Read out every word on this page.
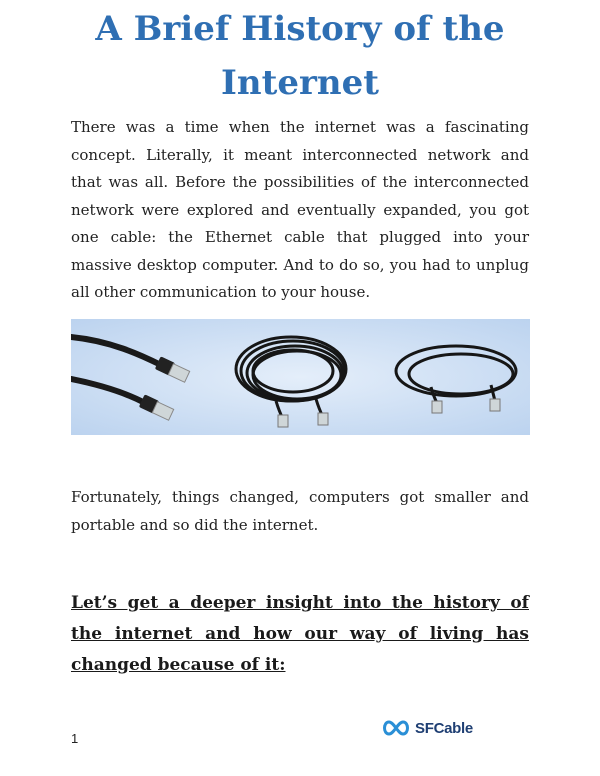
A Brief History of the Internet

There was a time when the internet was a fascinating concept. Literally, it meant interconnected network and that was all. Before the possibilities of the interconnected network were explored and eventually expanded, you got one cable: the Ethernet cable that plugged into your massive desktop computer. And to do so, you had to unplug all other communication to your house.

Fortunately, things changed, computers got smaller and portable and so did the internet.

Let’s get a deeper insight into the history of the internet and how our way of living has changed because of it:

1
SFCable
